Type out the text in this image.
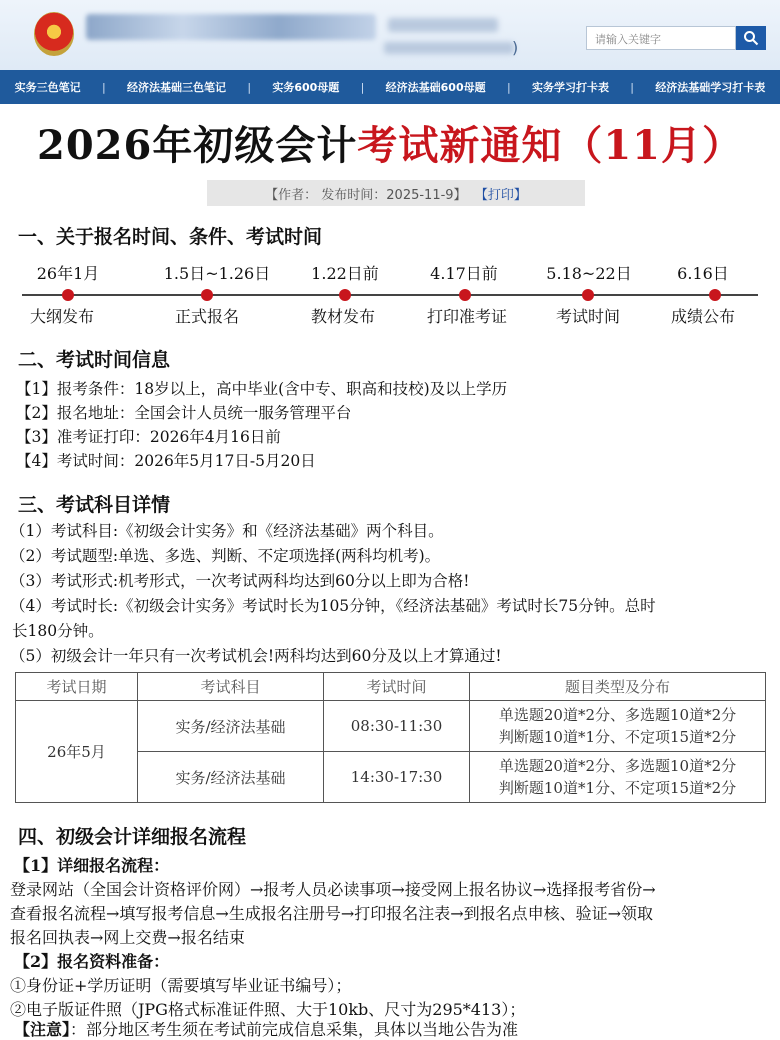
)	请输入关键字
实务三色笔记 | 经济法基础三色笔记 | 实务600母题 | 经济法基础600母题 | 实务学习打卡表 | 经济法基础学习打卡表
2026年初级会计考试新通知（11月）
【作者： 发布时间：2025-11-9】 【打印】
一、关于报名时间、条件、考试时间
26年1月
大纲发布
1.5日~1.26日
正式报名
1.22日前
教材发布
4.17日前
打印准考证
5.18~22日
考试时间
6.16日
成绩公布
二、考试时间信息
【1】报考条件：18岁以上，高中毕业(含中专、职高和技校)及以上学历
【2】报名地址：全国会计人员统一服务管理平台
【3】准考证打印：2026年4月16日前
【4】考试时间：2026年5月17日-5月20日
三、考试科目详情
（1）考试科目:《初级会计实务》和《经济法基础》两个科目。
（2）考试题型:单选、多选、判断、不定项选择(两科均机考)。
（3）考试形式:机考形式，一次考试两科均达到60分以上即为合格!
（4）考试时长:《初级会计实务》考试时长为105分钟，《经济法基础》考试时长75分钟。总时
长180分钟。
（5）初级会计一年只有一次考试机会!两科均达到60分及以上才算通过!
考试日期	考试科目	考试时间	题目类型及分布
26年5月	实务/经济法基础	08:30-11:30	单选题20道*2分、多选题10道*2分
判断题10道*1分、不定项15道*2分

	实务/经济法基础	14:30-17:30	单选题20道*2分、多选题10道*2分
判断题10道*1分、不定项15道*2分
四、初级会计详细报名流程
【1】详细报名流程：
登录网站（全国会计资格评价网）→报考人员必读事项→接受网上报名协议→选择报考省份→
查看报名流程→填写报考信息→生成报名注册号→打印报名注表→到报名点申核、验证→领取
报名回执表→网上交费→报名结束
【2】报名资料准备：
①身份证+学历证明（需要填写毕业证书编号）；
②电子版证件照（JPG格式标准证件照、大于10kb、尺寸为295*413）；
【注意】：部分地区考生须在考试前完成信息采集，具体以当地公告为准
